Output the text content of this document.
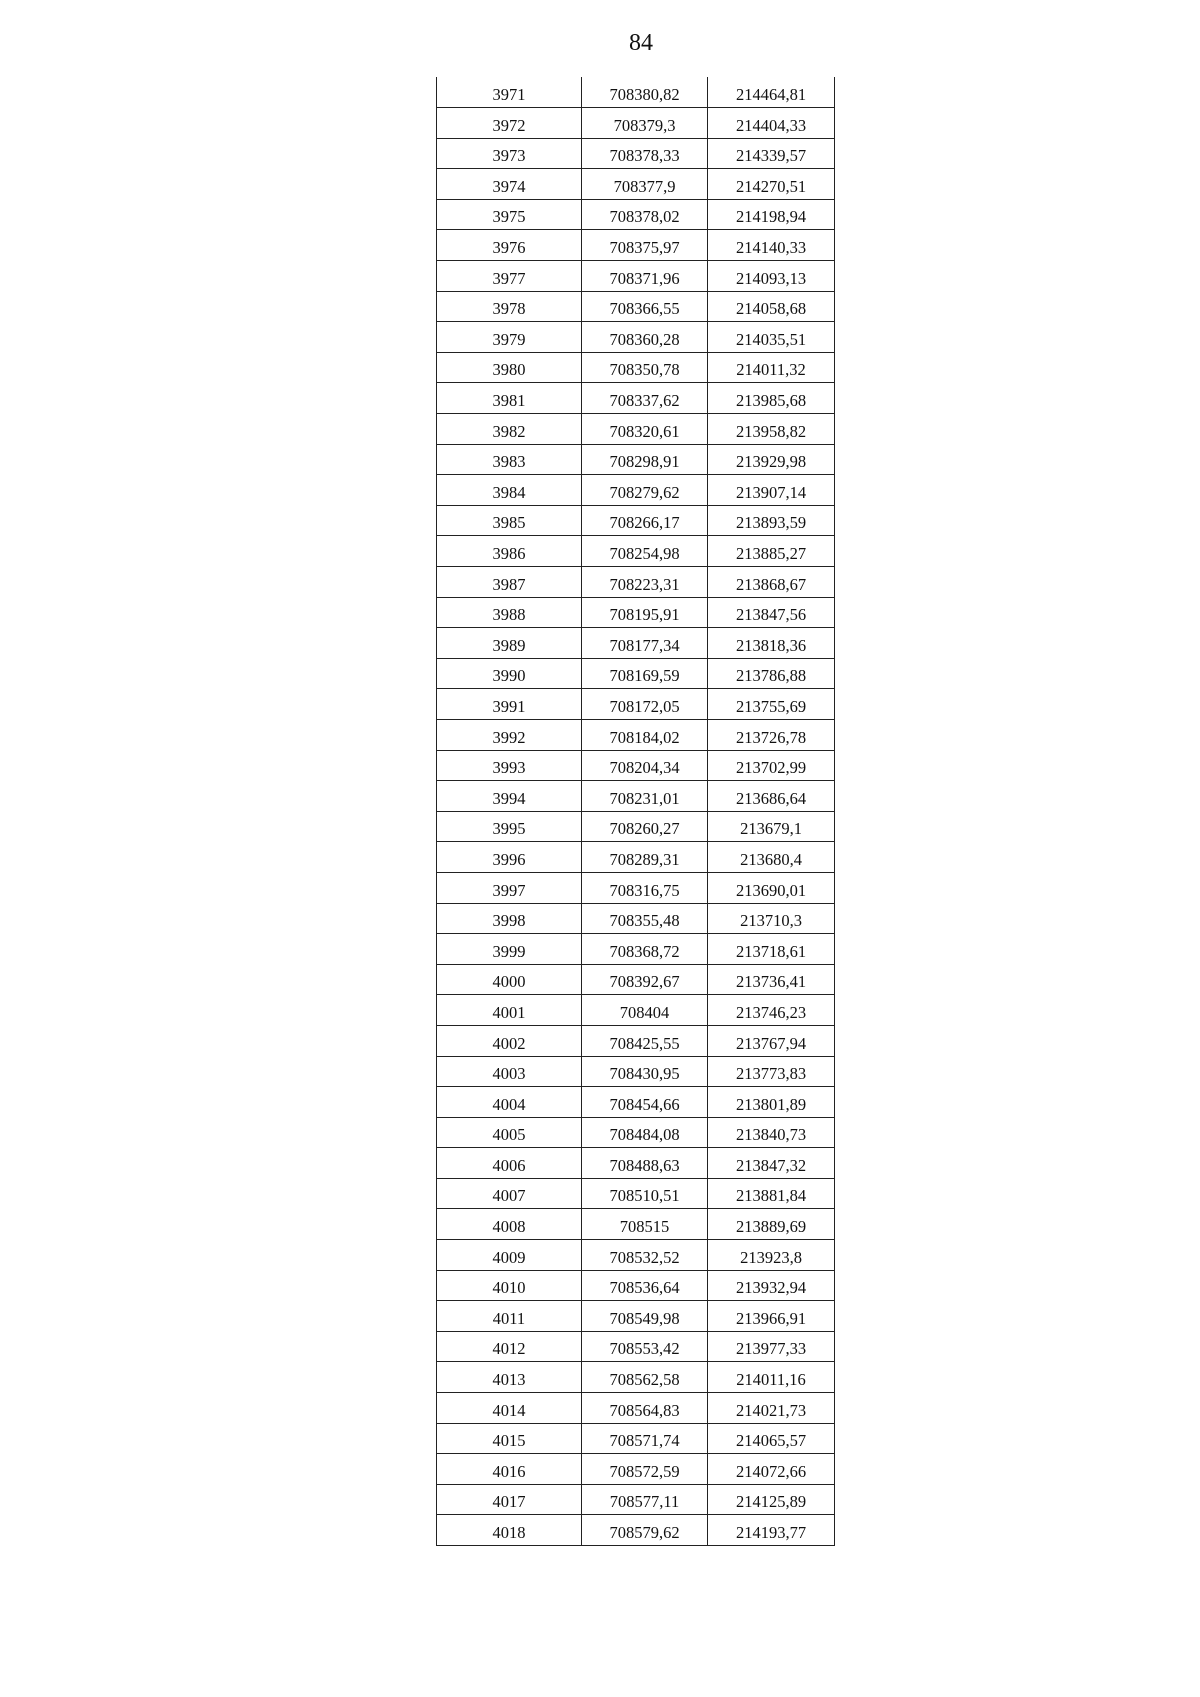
84
3971	708380,82	214464,81
3972	708379,3	214404,33
3973	708378,33	214339,57
3974	708377,9	214270,51
3975	708378,02	214198,94
3976	708375,97	214140,33
3977	708371,96	214093,13
3978	708366,55	214058,68
3979	708360,28	214035,51
3980	708350,78	214011,32
3981	708337,62	213985,68
3982	708320,61	213958,82
3983	708298,91	213929,98
3984	708279,62	213907,14
3985	708266,17	213893,59
3986	708254,98	213885,27
3987	708223,31	213868,67
3988	708195,91	213847,56
3989	708177,34	213818,36
3990	708169,59	213786,88
3991	708172,05	213755,69
3992	708184,02	213726,78
3993	708204,34	213702,99
3994	708231,01	213686,64
3995	708260,27	213679,1
3996	708289,31	213680,4
3997	708316,75	213690,01
3998	708355,48	213710,3
3999	708368,72	213718,61
4000	708392,67	213736,41
4001	708404	213746,23
4002	708425,55	213767,94
4003	708430,95	213773,83
4004	708454,66	213801,89
4005	708484,08	213840,73
4006	708488,63	213847,32
4007	708510,51	213881,84
4008	708515	213889,69
4009	708532,52	213923,8
4010	708536,64	213932,94
4011	708549,98	213966,91
4012	708553,42	213977,33
4013	708562,58	214011,16
4014	708564,83	214021,73
4015	708571,74	214065,57
4016	708572,59	214072,66
4017	708577,11	214125,89
4018	708579,62	214193,77
